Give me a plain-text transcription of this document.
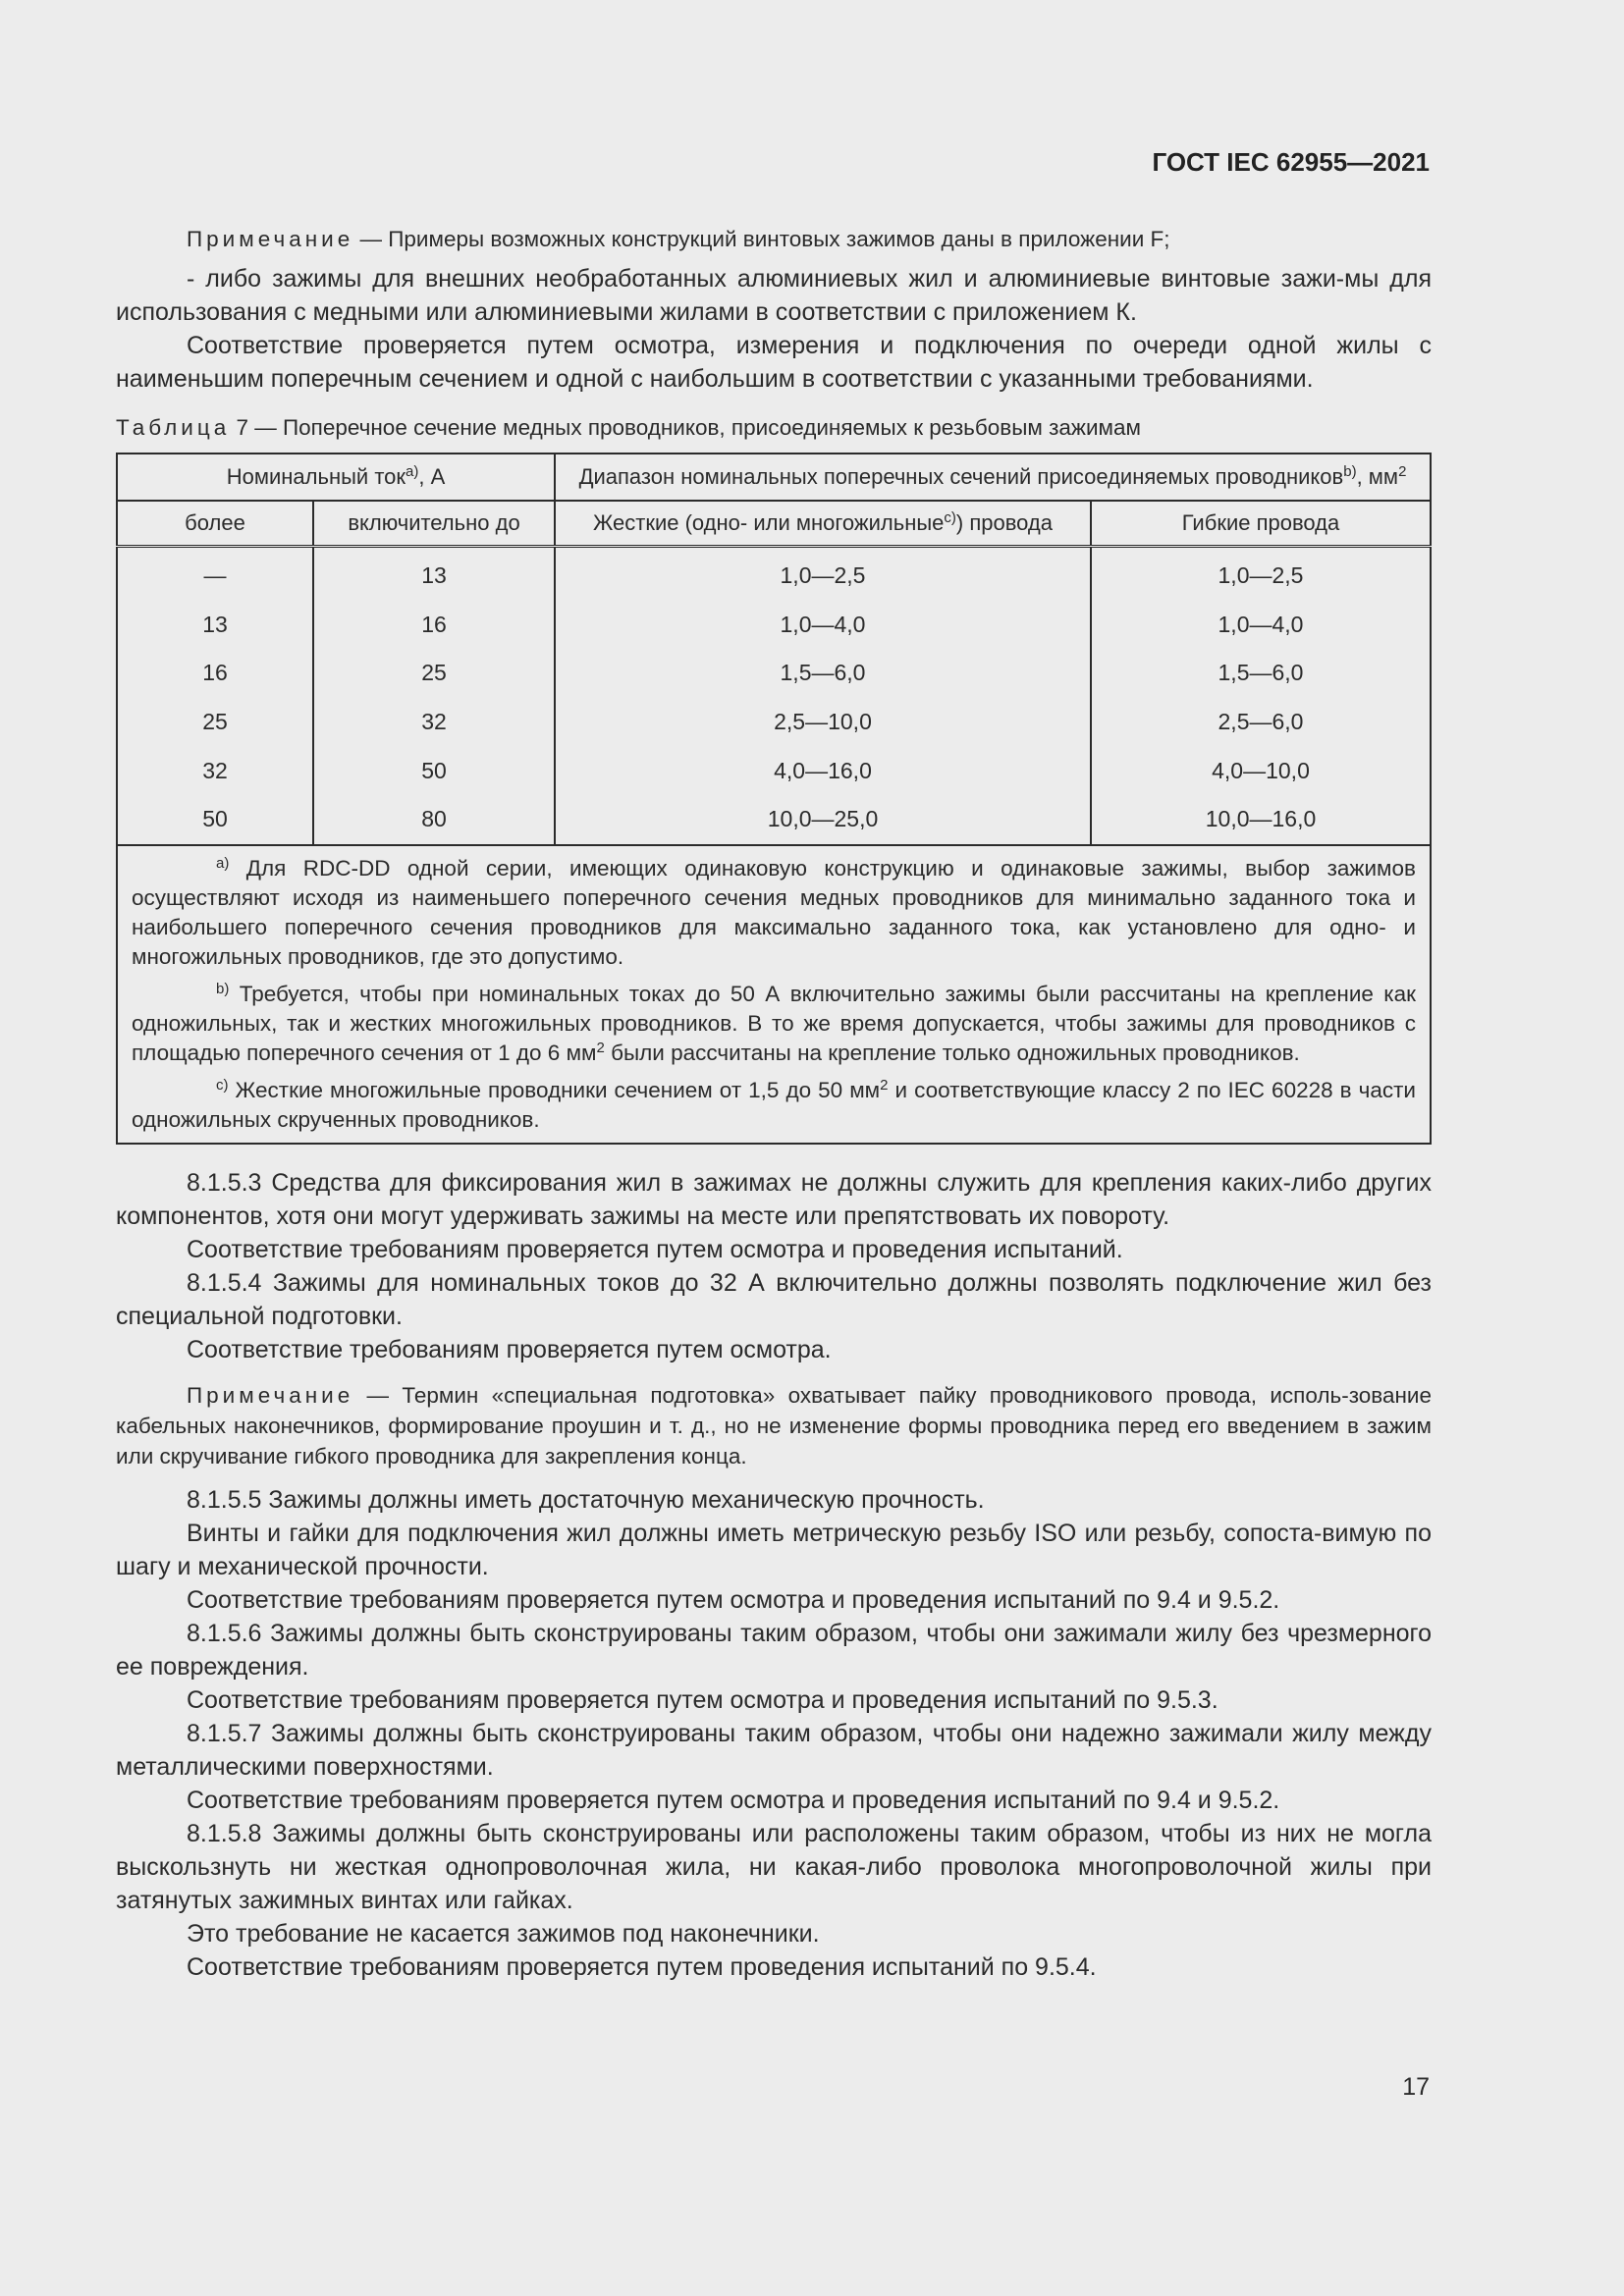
ГОСТ IEC 62955—2021

Примечание — Примеры возможных конструкций винтовых зажимов даны в приложении F;

- либо зажимы для внешних необработанных алюминиевых жил и алюминиевые винтовые зажи-мы для использования с медными или алюминиевыми жилами в соответствии с приложением К.

Соответствие проверяется путем осмотра, измерения и подключения по очереди одной жилы с наименьшим поперечным сечением и одной с наибольшим в соответствии с указанными требованиями.

Таблица 7 — Поперечное сечение медных проводников, присоединяемых к резьбовым зажимам

Номинальный ток$^{a)}$, А		Диапазон номинальных поперечных сечений присоединяемых проводников$^{b)}$, $мм^2$
более	включительно до	Жесткие (одно- или многожильные$^{c)}$) провода	Гибкие провода
—	13	1,0—2,5	1,0—2,5
13	16	1,0—4,0	1,0—4,0
16	25	1,5—6,0	1,5—6,0
25	32	2,5—10,0	2,5—6,0
32	50	4,0—16,0	4,0—10,0
50	80	10,0—25,0	10,0—16,0

$^{a)}$ Для RDC-DD одной серии, имеющих одинаковую конструкцию и одинаковые зажимы, выбор зажимов осуществляют исходя из наименьшего поперечного сечения медных проводников для минимально заданного тока и наибольшего поперечного сечения проводников для максимально заданного тока, как установлено для одно- и многожильных проводников, где это допустимо.

$^{b)}$ Требуется, чтобы при номинальных токах до 50 А включительно зажимы были рассчитаны на крепление как одножильных, так и жестких многожильных проводников. В то же время допускается, чтобы зажимы для проводников с площадью поперечного сечения от 1 до 6 $мм^2$ были рассчитаны на крепление только одножильных проводников.

$^{c)}$ Жесткие многожильные проводники сечением от 1,5 до 50 $мм^2$ и соответствующие классу 2 по IEC 60228 в части одножильных скрученных проводников.			

8.1.5.3 Средства для фиксирования жил в зажимах не должны служить для крепления каких-либо других компонентов, хотя они могут удерживать зажимы на месте или препятствовать их повороту.

Соответствие требованиям проверяется путем осмотра и проведения испытаний.

8.1.5.4 Зажимы для номинальных токов до 32 А включительно должны позволять подключение жил без специальной подготовки.

Соответствие требованиям проверяется путем осмотра.

Примечание — Термин «специальная подготовка» охватывает пайку проводникового провода, исполь-зование кабельных наконечников, формирование проушин и т. д., но не изменение формы проводника перед его введением в зажим или скручивание гибкого проводника для закрепления конца.

8.1.5.5 Зажимы должны иметь достаточную механическую прочность.

Винты и гайки для подключения жил должны иметь метрическую резьбу ISO или резьбу, сопоста-вимую по шагу и механической прочности.

Соответствие требованиям проверяется путем осмотра и проведения испытаний по 9.4 и 9.5.2.

8.1.5.6 Зажимы должны быть сконструированы таким образом, чтобы они зажимали жилу без чрезмерного ее повреждения.

Соответствие требованиям проверяется путем осмотра и проведения испытаний по 9.5.3.

8.1.5.7 Зажимы должны быть сконструированы таким образом, чтобы они надежно зажимали жилу между металлическими поверхностями.

Соответствие требованиям проверяется путем осмотра и проведения испытаний по 9.4 и 9.5.2.

8.1.5.8 Зажимы должны быть сконструированы или расположены таким образом, чтобы из них не могла выскользнуть ни жесткая однопроволочная жила, ни какая-либо проволока многопроволочной жилы при затянутых зажимных винтах или гайках.

Это требование не касается зажимов под наконечники.

Соответствие требованиям проверяется путем проведения испытаний по 9.5.4.

17
